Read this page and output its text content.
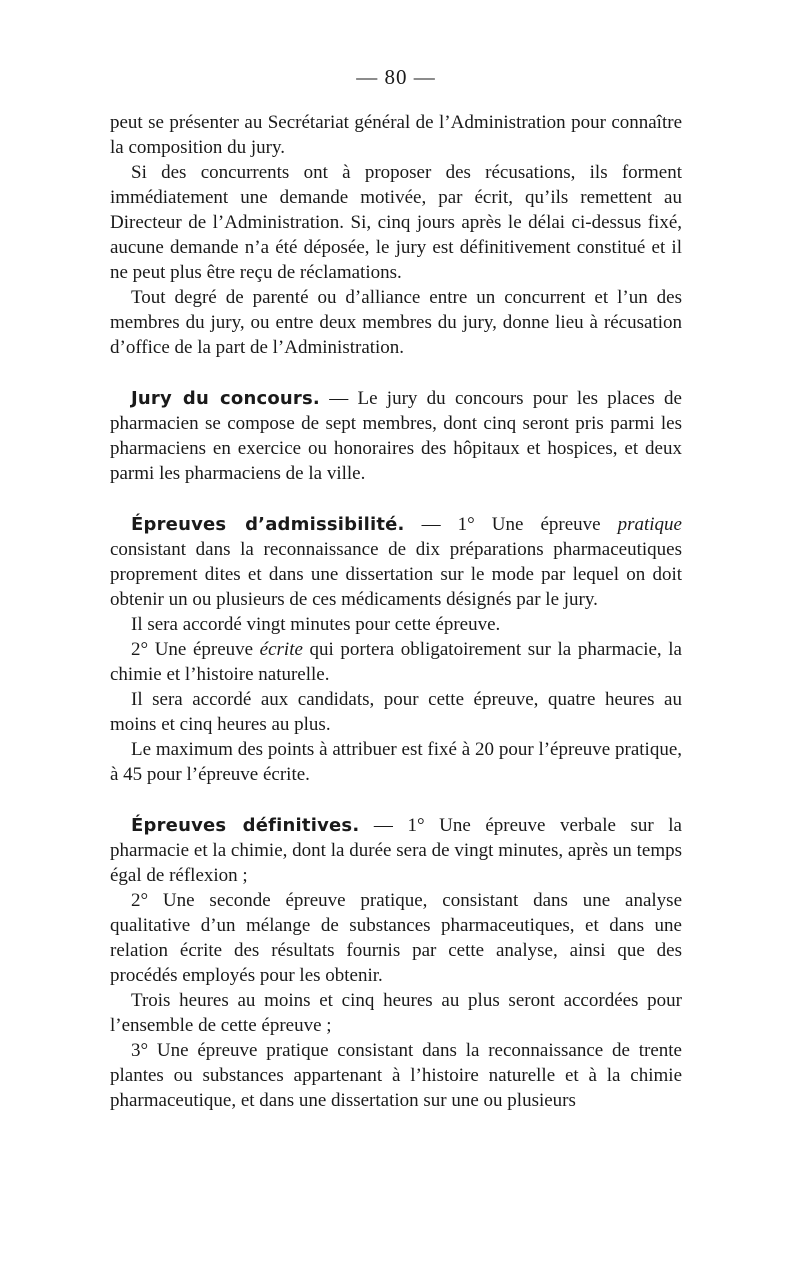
— 80 —

peut se présenter au Secrétariat général de l’Administration pour connaître la composition du jury.

Si des concurrents ont à proposer des récusations, ils forment immédiatement une demande motivée, par écrit, qu’ils remettent au Directeur de l’Administration. Si, cinq jours après le délai ci-dessus fixé, aucune demande n’a été déposée, le jury est définitivement constitué et il ne peut plus être reçu de réclamations.

Tout degré de parenté ou d’alliance entre un concurrent et l’un des membres du jury, ou entre deux membres du jury, donne lieu à récusation d’office de la part de l’Administration.

Jury du concours. — Le jury du concours pour les places de pharmacien se compose de sept membres, dont cinq seront pris parmi les pharmaciens en exercice ou honoraires des hôpitaux et hospices, et deux parmi les pharmaciens de la ville.

Épreuves d’admissibilité. — 1° Une épreuve pratique consistant dans la reconnaissance de dix préparations pharmaceutiques proprement dites et dans une dissertation sur le mode par lequel on doit obtenir un ou plusieurs de ces médicaments désignés par le jury.

Il sera accordé vingt minutes pour cette épreuve.

2° Une épreuve écrite qui portera obligatoirement sur la pharmacie, la chimie et l’histoire naturelle.

Il sera accordé aux candidats, pour cette épreuve, quatre heures au moins et cinq heures au plus.

Le maximum des points à attribuer est fixé à 20 pour l’épreuve pratique, à 45 pour l’épreuve écrite.

Épreuves définitives. — 1° Une épreuve verbale sur la pharmacie et la chimie, dont la durée sera de vingt minutes, après un temps égal de réflexion ;

2° Une seconde épreuve pratique, consistant dans une analyse qualitative d’un mélange de substances pharmaceutiques, et dans une relation écrite des résultats fournis par cette analyse, ainsi que des procédés employés pour les obtenir.

Trois heures au moins et cinq heures au plus seront accordées pour l’ensemble de cette épreuve ;

3° Une épreuve pratique consistant dans la reconnaissance de trente plantes ou substances appartenant à l’histoire naturelle et à la chimie pharmaceutique, et dans une dissertation sur une ou plusieurs
